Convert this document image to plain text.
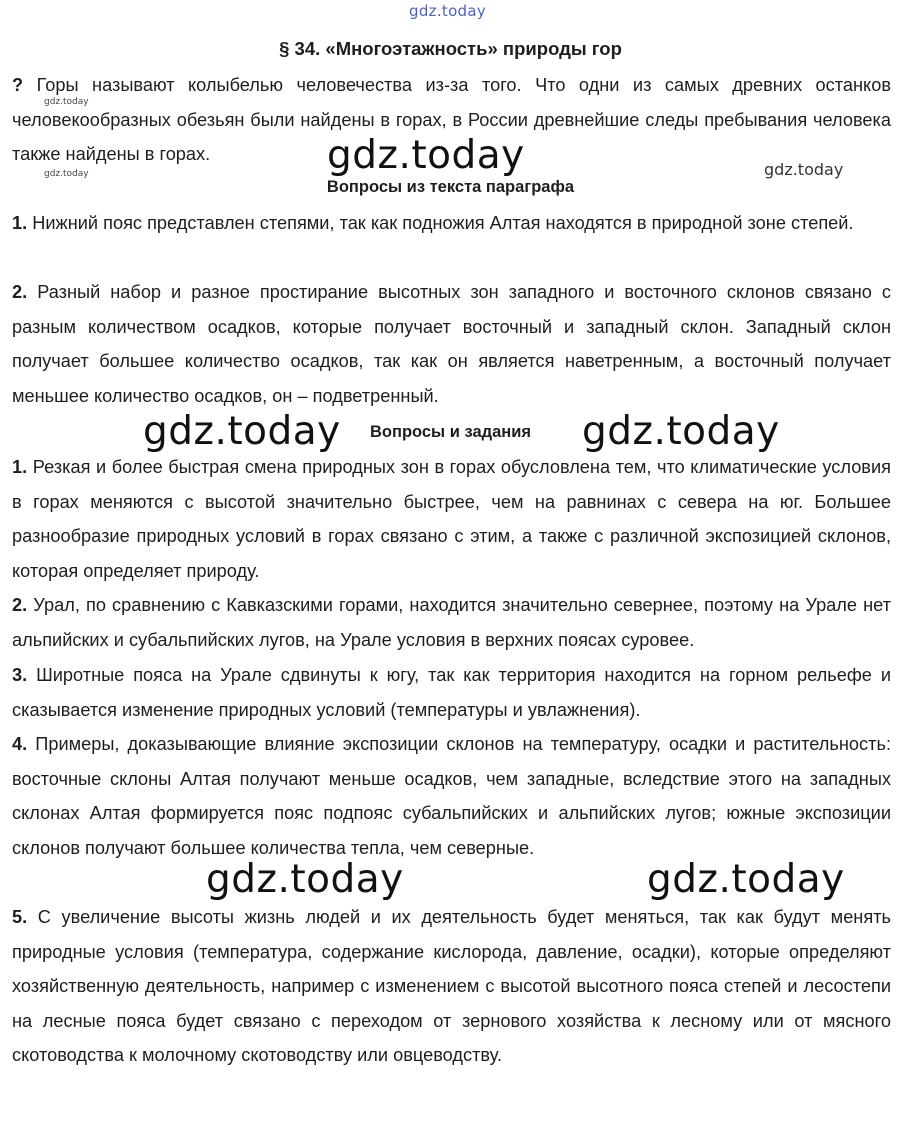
gdz.today
§ 34. «Многоэтажность» природы гор

? Горы называют колыбелью человечества из-за того. Что одни из самых древних останков человекообразных обезьян были найдены в горах, в России древнейшие следы пребывания человека также найдены в горах.

Вопросы из текста параграфа

1. Нижний пояс представлен степями, так как подножия Алтая находятся в природной зоне степей.

2. Разный набор и разное простирание высотных зон западного и восточного склонов связано с разным количеством осадков, которые получает восточный и западный склон. Западный склон получает большее количество осадков, так как он является наветренным, а восточный получает меньшее количество осадков, он – подветренный.

Вопросы и задания

1. Резкая и более быстрая смена природных зон в горах обусловлена тем, что климатические условия в горах меняются с высотой значительно быстрее, чем на равнинах с севера на юг. Большее разнообразие природных условий в горах связано с этим, а также с различной экспозицией склонов, которая определяет природу.

2. Урал, по сравнению с Кавказскими горами, находится значительно севернее, поэтому на Урале нет альпийских и субальпийских лугов, на Урале условия в верхних поясах суровее.

3. Широтные пояса на Урале сдвинуты к югу, так как территория находится на горном рельефе и сказывается изменение природных условий (температуры и увлажнения).

4. Примеры, доказывающие влияние экспозиции склонов на температуру, осадки и растительность: восточные склоны Алтая получают меньше осадков, чем западные, вследствие этого на западных склонах Алтая формируется пояс подпояс субальпийских и альпийских лугов; южные экспозиции склонов получают большее количества тепла, чем северные.

5. С увеличение высоты жизнь людей и их деятельность будет меняться, так как будут менять природные условия (температура, содержание кислорода, давление, осадки), которые определяют хозяйственную деятельность, например с изменением с высотой высотного пояса степей и лесостепи на лесные пояса будет связано с переходом от зернового хозяйства к лесному или от мясного скотоводства к молочному скотоводству или овцеводству.

gdz.today
gdz.today	gdz.today
gdz.today
gdz.today	gdz.today
gdz.today	gdz.today
